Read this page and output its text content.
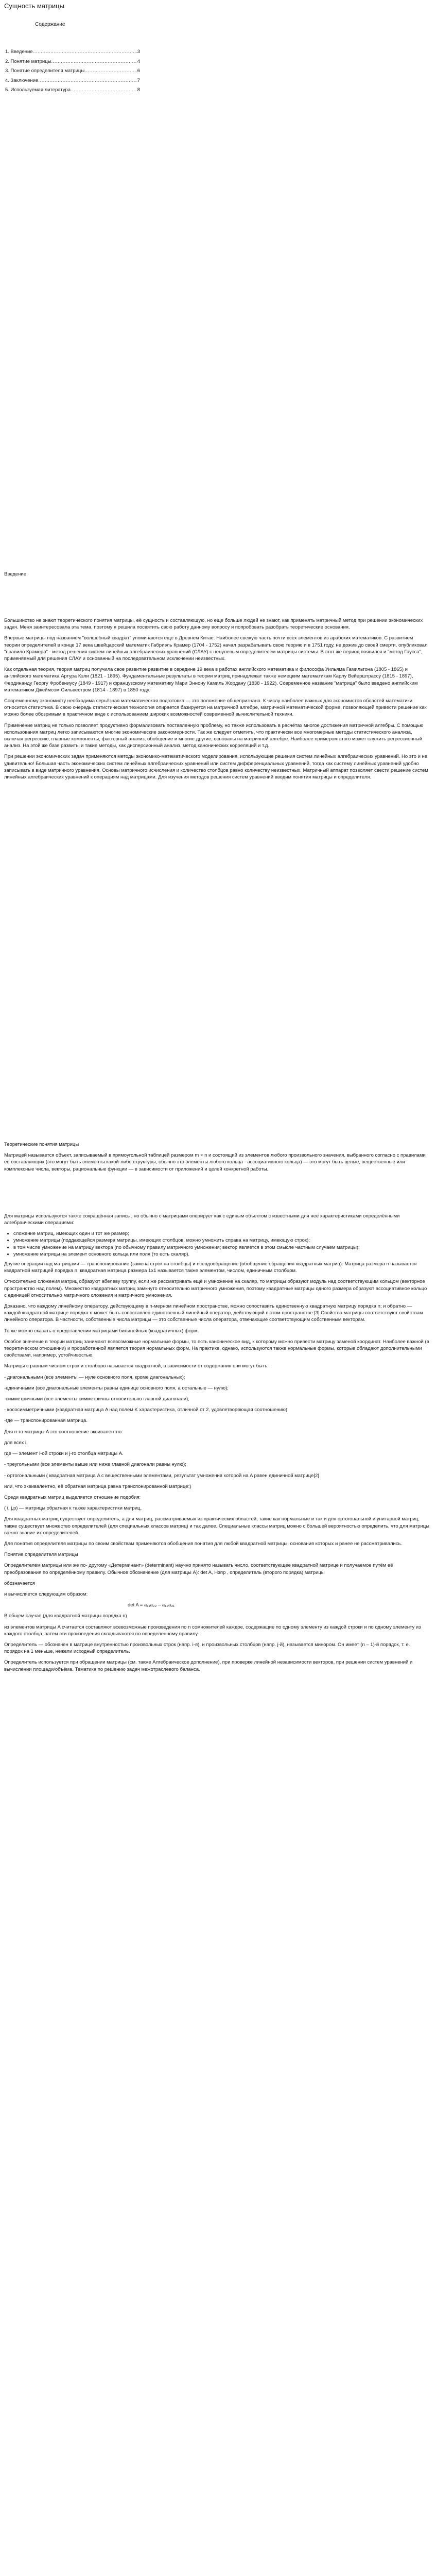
Сущность матрицы
Содержание
1. Введение .....	3
2. Понятие матрицы .....	4
3. Понятие определителя матрицы .....	6
4. Заключение .....	7
5. Используемая литература .....	8
Введение

Большинство не знают теоретического понятия матрицы, её сущность и составляющую, но еще больше людей не знают, как применять матричный метод при решении экономических задач. Меня заинтересовала эта тема, поэтому я решила посвятить свою работу данному вопросу и попробовать разобрать теоретические основания.

Впервые матрицы под названием "волшебный квадрат" упоминаются еще в Древнем Китае. Наиболее свежую часть почти всех элементов из арабских математиков. С развитием теории определителей в конце 17 века швейцарский математик Габриэль Крамер (1704 - 1752) начал разрабатывать свою теорию и в 1751 году, не дожив до своей смерти, опубликовал "правило Крамера" - метод решения систем линейных алгебраических уравнений (СЛАУ) с ненулевым определителем матрицы системы. В этот же период появился и "метод Гаусса", применяемый для решения СЛАУ и основанный на последовательном исключении неизвестных.

Как отдельная теория, теория матриц получила свое развитие развитие в середине 19 века в работах английского математика и философа Уильяма Гамильтона (1805 - 1865) и английского математика Артура Кэли (1821 - 1895). Фундаментальные результаты в теории матриц принадлежат также немецким математикам Карлу Вейерштрассу (1815 - 1897), Фердинанду Георгу Фробениусу (1849 - 1917) и французскому математику Мари Эннону Камиль Жордану (1838 - 1922). Современное название "матрица" было введено английским математиком Джеймсом Сильвестром (1814 - 1897) в 1850 году.

Современному экономисту необходима серьёзная математическая подготовка — это положение общепризнано. К числу наиболее важных для экономистов областей математики относится статистика. В свою очередь статистическая технология опирается базируется на матричной алгебре, матричной математической форме, позволяющей привести решение как можно более обозримым в практичном виде с использованием широких возможностей современной вычислительной техники.

Применение матриц не только позволяет продуктивно формализовать поставленную проблему, но также использовать в расчётах многое достижения матричной алгебры. С помощью использования матриц легко записываются многие экономические закономерности. Так же следует отметить, что практически все многомерные методы статистического анализа, включая регрессию, главные компоненты, факторный анализ, обобщение и многие другие, основаны на матричной алгебре. Наиболее примером этого может служить регрессионный анализ. На этой же базе развиты и такие методы, как дисперсионный анализ, метод канонических корреляций и т.д.

При решении экономических задач применяются методы экономико-математического моделирования, использующие решения систем линейных алгебраических уравнений. Но это и не удивительно! Большая часть экономических систем линейных алгебраических уравнений или систем дифференциальных уравнений, тогда как систему линейных уравнений удобно записывать в виде матричного уравнения. Основы матричного исчисления и количество столбцов равно количеству неизвестных. Матричный аппарат позволяет свести решение систем линейных алгебраических уравнений к операциям над матрицами. Для изучения методов решения систем уравнений вводим понятия матрицы и определителя.

Теоретические понятия матрицы

Матрицей называется объект, записываемый в прямоугольной таблицей размером m × n и состоящий из элементов любого произвольного значения, выбранного согласно с правилами ее составляющих (это могут быть элементы какой-либо структуры, обычно это элементы любого кольца - ассоциативного кольца) — это могут быть целые, вещественные или комплексные числа, векторы, рациональные функции — в зависимости от приложений и целей конкретной работы.

Для матрицы используются также сокращённая запись , но обычно с матрицами оперирует как с единым объектом с известными для нее характеристиками определёнными алгебраическими операциями:

• сложение матриц, имеющих один и тот же размер;
• умножение матрицы (поддающейся размера матрицы, имеющих столбцов, можно умножить справа на матрицу, имеющую строк);
• в том числе умножение на матрицу вектора (по обычному правилу матричного умножения; вектор является в этом смысле частным случаем матрицы);
• умножение матрицы на элемент основного кольца или поля (то есть скаляр).

Другие операции над матрицами — транспонирование (замена строк на столбцы) и псевдообращение (обобщение обращения квадратных матриц). Матрица размера n называется квадратной матрицей порядка n; квадратная матрица размера 1x1 называется также элементом, числом, единичным столбцом.

Относительно сложения матриц образуют абелеву группу, если же рассматривать ещё и умножение на скаляр, то матрицы образуют модуль над соответствующим кольцом (векторное пространство над полем). Множество квадратных матриц замкнуто относительно матричного умножения, поэтому квадратные матрицы одного размера образуют ассоциативное кольцо с единицей относительно матричного сложения и матричного умножения.

Доказано, что каждому линейному оператору, действующему в n-мерном линейном пространстве, можно сопоставить единственную квадратную матрицу порядка n; и обратно — каждой квадратной матрице порядка n может быть сопоставлен единственный линейный оператор, действующий в этом пространстве.[3] Свойства матрицы соответствуют свойствам линейного оператора. В частности, собственные числа матрицы — это собственные числа оператора, отвечающие соответствующим собственным векторам.

То же можно сказать о представлении матрицами билинейных (квадратичных) форм.

Особое значение в теории матриц занимают всевозможные нормальные формы, то есть каноническое вид, к которому можно привести матрицу заменой координат. Наиболее важной (в теоретическом отношении) и проработанной является теория нормальных форм. На практике, однако, используются также нормальные формы, которые обладают дополнительными свойствами, например, устойчивостью.

Матрицы с равным числом строк и столбцов называется квадратной, в зависимости от содержания они могут быть:

- диагональными (все элементы — нуле основного поля, кроме диагональных);

-единичными (все диагональные элементы равны единице основного поля, а остальные — нулю);

-симметричными (все элементы симметричны относительно главной диагонали);

- кососимметричными (квадратная матрица A над полем K характеристика, отличной от 2, удовлетворяющая соотношению)

-где — транспонированная матрица.

Для n-го матрицы A это соотношение эквивалентно:

для всех i,

где — элемент i-ой строки и j-го столбца матрицы A.

- треугольными (все элементы выше или ниже главной диагонали равны нулю);

- ортогональными ( квадратная матрица A с вещественными элементами, результат умножения которой на A равен единичной матрице[2]

или, что эквивалентно, её обратная матрица равна транспонированной матрице:)

Среди квадратных матриц выделяется отношение подобия:

( i, j,p) — матрицы обратная к также характеристики матриц,

Для квадратных матриц существует определитель, а для матриц, рассматриваемых из практических областей, такие как нормальные и так и для ортогональной и унитарной матриц, также существует множество определителей (для специальных классов матриц) и так далее. Специальные классы матриц можно с большей вероятностью определить, что для матрицы важно знание их определителей.

Для понятия определителя матрицы по своим свойствам применяются обобщения понятия для любой квадратной матрицы, основания которых и ранее не рассматривались.

Понятие определителя матрицы

Определителем матрицы или же по- другому «Детерминант» (determinant) научно принято называть число, соответствующее квадратной матрице и получаемое путём её преобразования по определённому правилу. Обычное обозначение (для матрицы A): det A, Hэпр , определитель (второго порядка) матрицы

обозначается

и вычисляется следующим образом:

det A = a₁₁a₂₂ – a₁₂a₂₁

В общем случае (для квадратной матрицы порядка n)

из элементов матрицы A считается составляют всевозможные произведения по n сомножителей каждое, содержащие по одному элементу из каждой строки и по одному элементу из каждого столбца, затем эти произведения складываются по определенному правилу.

Определитель — обозначен в матрице внутренностью произвольных строк (напр. i-я), и произвольных столбцов (напр. j-й), называется минором. Он имеет (n – 1)-й порядок, т. е. порядок на 1 меньше, нежели исходный определитель.

Определитель используется при обращении матрицы (см. также Алгебраическое дополнение), при проверке линейной независимости векторов, при решении систем уравнений и вычислении площади/объёма. Тематика по решению задач межотраслевого баланса.
